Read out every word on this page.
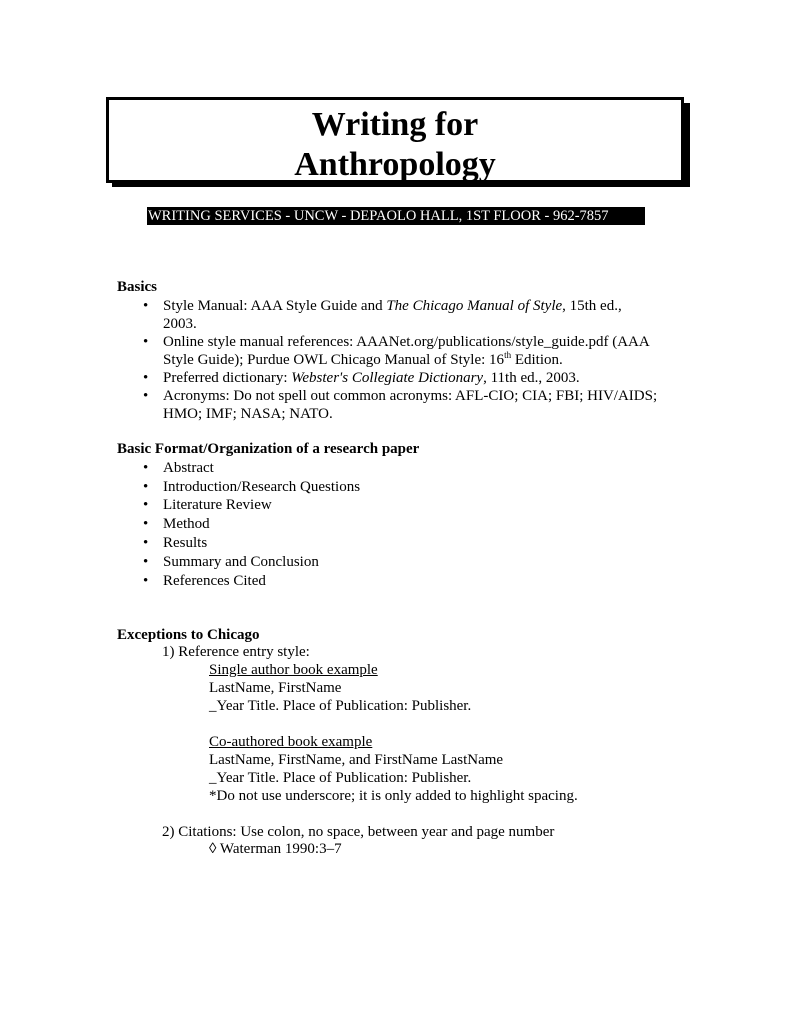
Writing for
Anthropology
WRITING SERVICES - UNCW - DEPAOLO HALL, 1ST FLOOR - 962-7857
Basics
• Style Manual: AAA Style Guide and The Chicago Manual of Style, 15th ed.,
2003.
• Online style manual references: AAANet.org/publications/style_guide.pdf (AAA
Style Guide); Purdue OWL Chicago Manual of Style: 16th Edition.
• Preferred dictionary: Webster's Collegiate Dictionary, 11th ed., 2003.
• Acronyms: Do not spell out common acronyms: AFL-CIO; CIA; FBI; HIV/AIDS;
HMO; IMF; NASA; NATO.
Basic Format/Organization of a research paper
• Abstract
• Introduction/Research Questions
• Literature Review
• Method
• Results
• Summary and Conclusion
• References Cited
Exceptions to Chicago
1) Reference entry style:
Single author book example
LastName, FirstName
_Year Title. Place of Publication: Publisher.
Co-authored book example
LastName, FirstName, and FirstName LastName
_Year Title. Place of Publication: Publisher.
*Do not use underscore; it is only added to highlight spacing.
2) Citations: Use colon, no space, between year and page number
◊ Waterman 1990:3–7
